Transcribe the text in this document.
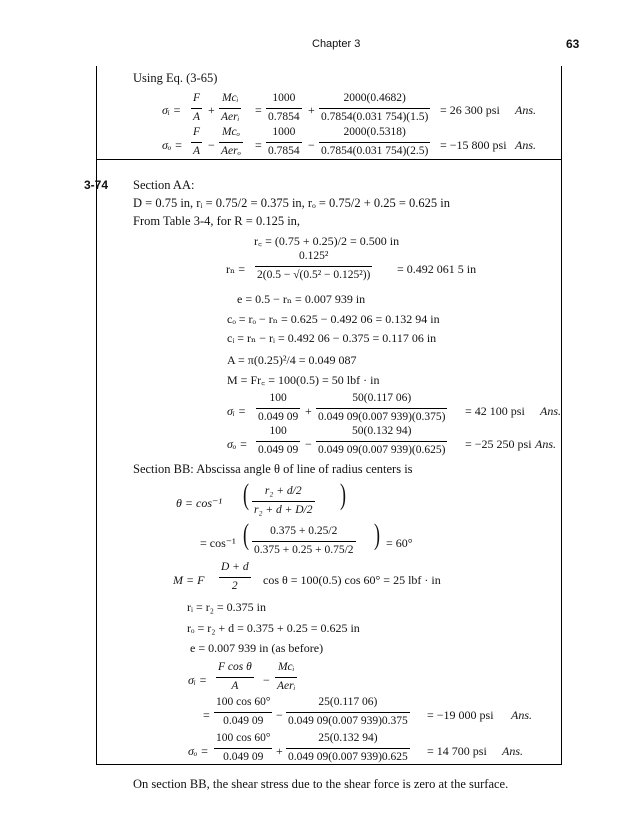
Chapter 3	63
Using Eq. (3-65)
σᵢ =
F
A +
Mcᵢ
Aerᵢ =
1000
0.7854 +
2000(0.4682)
0.7854(0.031 754)(1.5) = 26 300 psi Ans.
σₒ =
F
A −
Mcₒ
Aerₒ =
1000
0.7854 −
2000(0.5318)
0.7854(0.031 754)(2.5) = −15 800 psi Ans.
3-74 Section AA:
D = 0.75 in, rᵢ = 0.75/2 = 0.375 in, rₒ = 0.75/2 + 0.25 = 0.625 in
From Table 3-4, for R = 0.125 in,
r꜀ = (0.75 + 0.25)/2 = 0.500 in
rₙ =
0.125²
2(0.5 − √(0.5² − 0.125²)) = 0.492 061 5 in
e = 0.5 − rₙ = 0.007 939 in
cₒ = rₒ − rₙ = 0.625 − 0.492 06 = 0.132 94 in
cᵢ = rₙ − rᵢ = 0.492 06 − 0.375 = 0.117 06 in
A = π(0.25)²/4 = 0.049 087
M = Fr꜀ = 100(0.5) = 50 lbf · in
σᵢ =
100
0.049 09 +
50(0.117 06)
0.049 09(0.007 939)(0.375) = 42 100 psi Ans.
σₒ =
100
0.049 09 −
50(0.132 94)
0.049 09(0.007 939)(0.625) = −25 250 psi Ans.
Section BB: Abscissa angle θ of line of radius centers is
θ = cos⁻¹ (	r₂ + d/2
r₂ + d + D/2 )
= cos⁻¹ (	0.375 + 0.25/2
0.375 + 0.25 + 0.75/2 ) = 60°
M = F
D + d
2	cos θ = 100(0.5) cos 60° = 25 lbf · in
rᵢ = r₂ = 0.375 in
rₒ = r₂ + d = 0.375 + 0.25 = 0.625 in
e = 0.007 939 in (as before)
σᵢ =
F cos θ
A	−
Mcᵢ
Aerᵢ
=
100 cos 60°
0.049 09	−
25(0.117 06)
0.049 09(0.007 939)0.375 = −19 000 psi Ans.
σₒ =
100 cos 60°
0.049 09	+
25(0.132 94)
0.049 09(0.007 939)0.625 = 14 700 psi Ans.
On section BB, the shear stress due to the shear force is zero at the surface.
